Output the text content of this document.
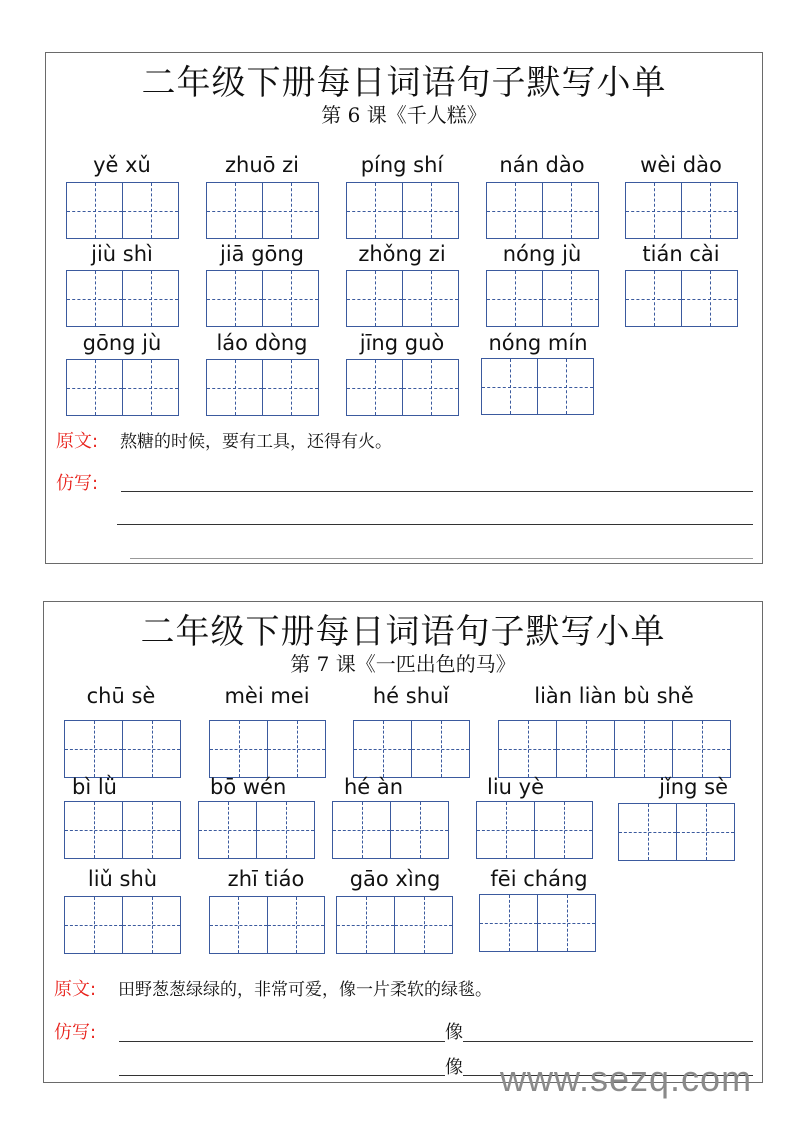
二年级下册每日词语句子默写小单
第 6 课《千人糕》
yě xǔ	zhuō zi	píng shí	nán dào	wèi dào
jiù shì	jiā gōng	zhǒng zi	nóng jù	tián cài
gōng jù	láo dòng	jīng guò	nóng mín
原文: 熬糖的时候，要有工具，还得有火。
仿写:
二年级下册每日词语句子默写小单
第 7 课《一匹出色的马》
chū sè	mèi mei	hé shuǐ	liàn liàn bù shě
bì lǜ	bō wén	hé àn	liu yè	jǐng sè
liǔ shù	zhī tiáo	gāo xìng	fēi cháng
原文: 田野葱葱绿绿的，非常可爱，像一片柔软的绿毯。
仿写:	像
像 www.sezq.com
